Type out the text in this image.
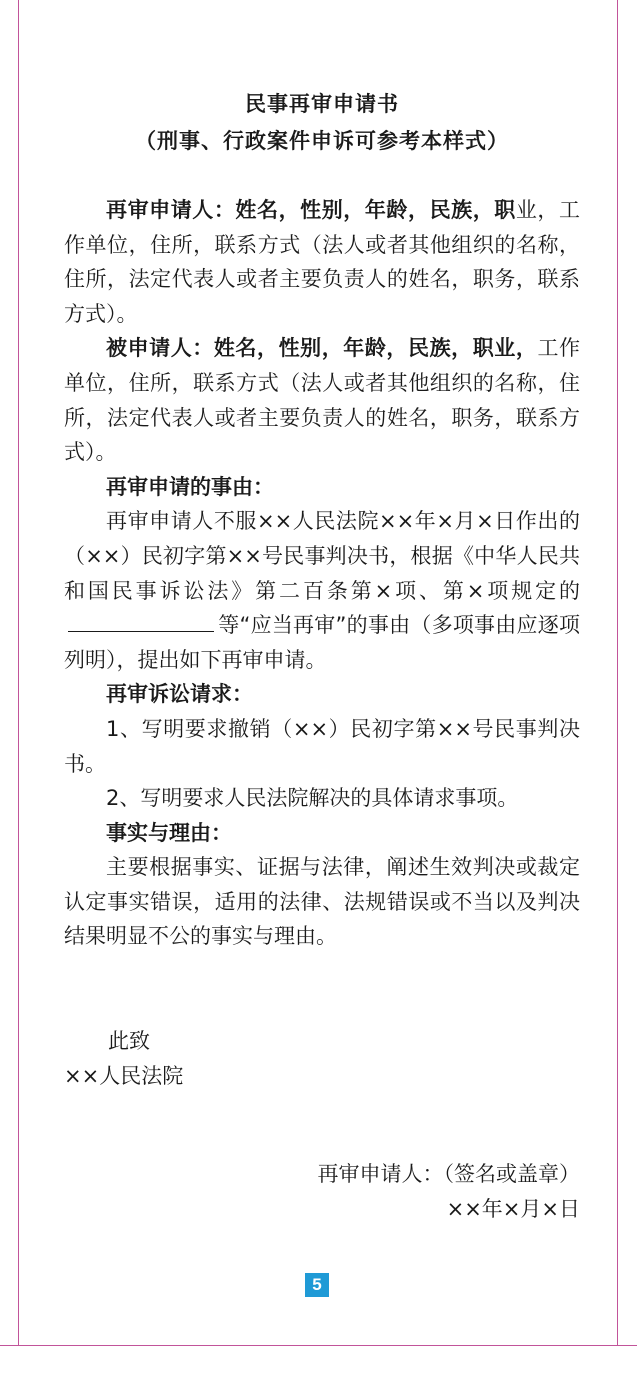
民事再审申请书
（刑事、行政案件申诉可参考本样式）

再审申请人：姓名，性别，年龄，民族，职业，工作单位，住所，联系方式（法人或者其他组织的名称，住所，法定代表人或者主要负责人的姓名，职务，联系方式）。

被申请人：姓名，性别，年龄，民族，职业，工作单位，住所，联系方式（法人或者其他组织的名称，住所，法定代表人或者主要负责人的姓名，职务，联系方式）。

再审申请的事由：

再审申请人不服××人民法院××年×月×日作出的（××）民初字第××号民事判决书，根据《中华人民共和国民事诉讼法》第二百条第×项、第×项规定的等“应当再审”的事由（多项事由应逐项列明），提出如下再审申请。

再审诉讼请求：

1、写明要求撤销（××）民初字第××号民事判决书。

2、写明要求人民法院解决的具体请求事项。

事实与理由：

主要根据事实、证据与法律，阐述生效判决或裁定认定事实错误，适用的法律、法规错误或不当以及判决结果明显不公的事实与理由。

此致
××人民法院
再审申请人：（签名或盖章）
××年×月×日
5
